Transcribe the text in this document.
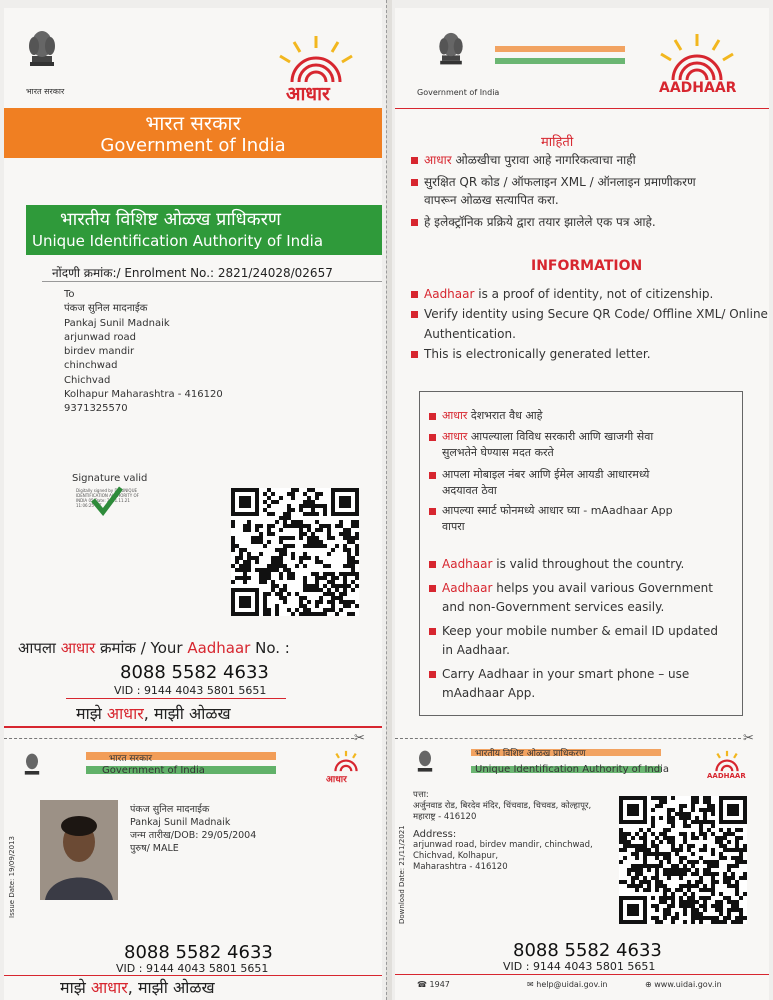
भारत सरकार	आधार
भारत सरकार
Government of India
भारतीय विशिष्ट ओळख प्राधिकरण
Unique Identification Authority of India
नोंदणी क्रमांक:/ Enrolment No.: 2821/24028/02657
To
पंकज सुनिल मादनाईक
Pankaj Sunil Madnaik
arjunwad road
birdev mandir
chinchwad
Chichvad
Kolhapur Maharashtra - 416120
9371325570
Signature valid
Digitally signed by DS UNIQUE IDENTIFICATION AUTHORITY OF INDIA 05 Date: 2021.11.21 11:06:25 IST
आपला आधार क्रमांक / Your Aadhaar No. :
8088 5582 4633
VID : 9144 4043 5801 5651
माझे आधार, माझी ओळख
✂
भारत सरकार
Government of India
आधार
Issue Date: 19/09/2013
पंकज सुनिल मादनाईक
Pankaj Sunil Madnaik
जन्म तारीख/DOB: 29/05/2004
पुरुष/ MALE
8088 5582 4633
VID : 9144 4043 5801 5651
माझे आधार, माझी ओळख
Government of India	AADHAAR
माहिती
आधार ओळखीचा पुरावा आहे नागरिकत्वाचा नाही
सुरक्षित QR कोड / ऑफलाइन XML / ऑनलाइन प्रमाणीकरण
वापरून ओळख सत्यापित करा.
हे इलेक्ट्रॉनिक प्रक्रिये द्वारा तयार झालेले एक पत्र आहे.
INFORMATION
Aadhaar is a proof of identity, not of citizenship.
Verify identity using Secure QR Code/ Offline XML/ Online
Authentication.
This is electronically generated letter.
आधार देशभरात वैध आहे
आधार आपल्याला विविध सरकारी आणि खाजगी सेवा
सुलभतेने घेण्यास मदत करते
आपला मोबाइल नंबर आणि ईमेल आयडी आधारमध्ये
अदयावत ठेवा
आपल्या स्मार्ट फोनमध्ये आधार घ्या - mAadhaar App
वापरा
Aadhaar is valid throughout the country.
Aadhaar helps you avail various Government
and non-Government services easily.
Keep your mobile number & email ID updated
in Aadhaar.
Carry Aadhaar in your smart phone – use
mAadhaar App.
✂
भारतीय विशिष्ट ओळख प्राधिकरण
Unique Identification Authority of India
AADHAAR
Download Date: 21/11/2021
पत्ता:
अर्जुनवाड रोड, बिरदेव मंदिर, चिंचवाड, चिचवड, कोल्हापूर,
महाराष्ट्र - 416120
Address:
arjunwad road, birdev mandir, chinchwad,
Chichvad, Kolhapur,
Maharashtra - 416120
8088 5582 4633
VID : 9144 4043 5801 5651
☎ 1947	✉ help@uidai.gov.in	⊕ www.uidai.gov.in
